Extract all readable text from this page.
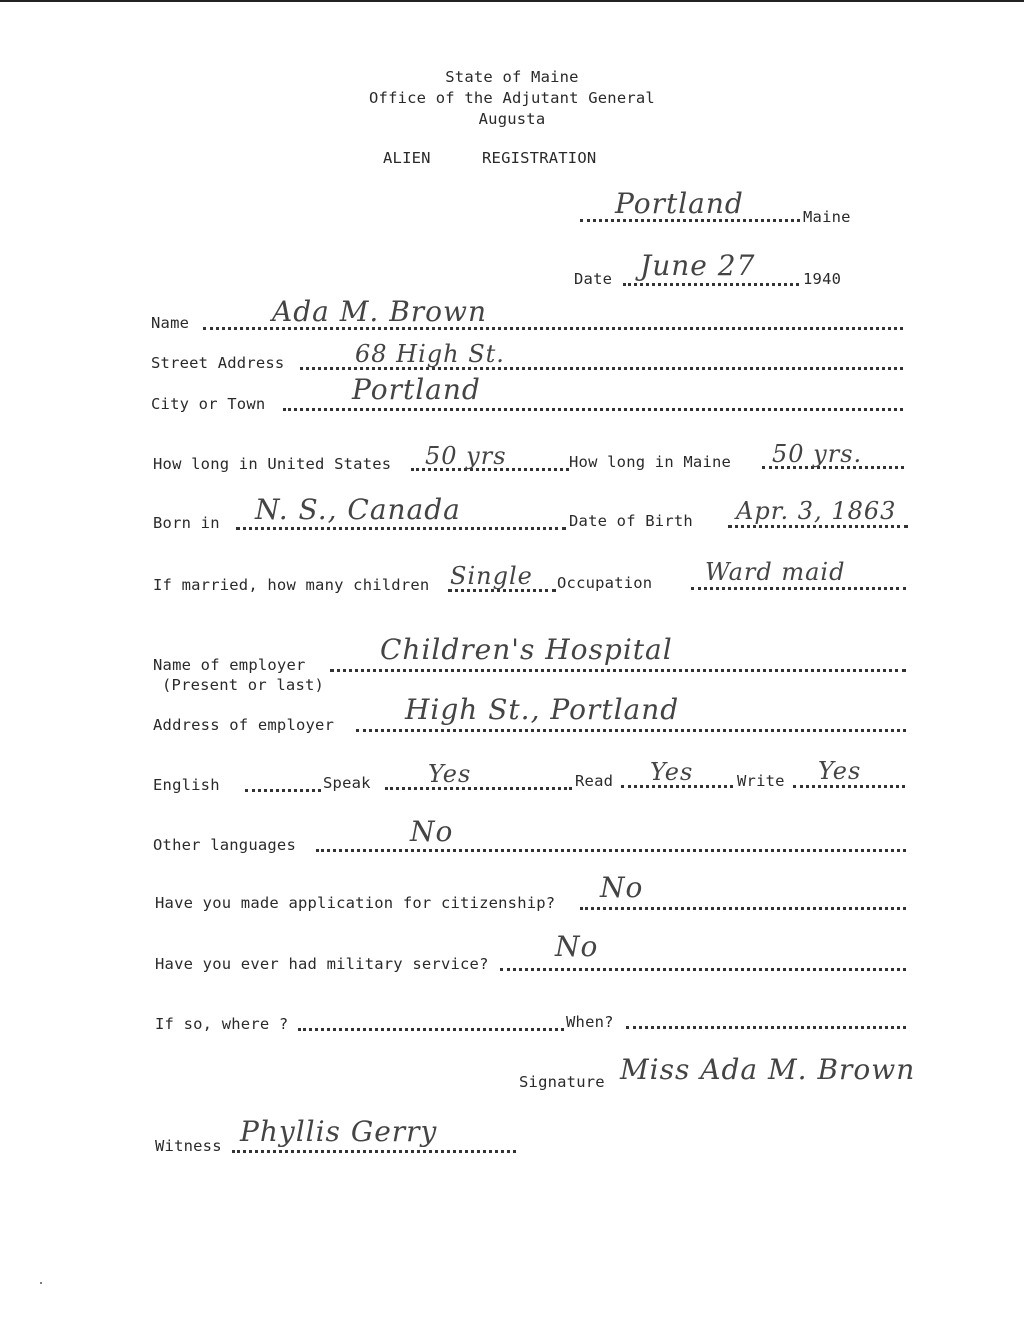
State of Maine
Office of the Adjutant General
Augusta
ALIEN	REGISTRATION
Portland	Maine
Date June 27	1940
Name	Ada M. Brown
Street Address	68 High St.
City or Town	Portland
How long in United States 50 yrs	How long in Maine 50 yrs.
Born in N. S., Canada	Date of Birth Apr. 3, 1863
If married, how many children Single Occupation Ward maid
Name of employer
(Present or last)
Children's Hospital
Address of employer	High St., Portland
English	Speak Yes	Read Yes	Write Yes
Other languages	No
Have you made application for citizenship? No
Have you ever had military service?
No
If so, where ?	When?
Signature Miss Ada M. Brown
Witness Phyllis Gerry
